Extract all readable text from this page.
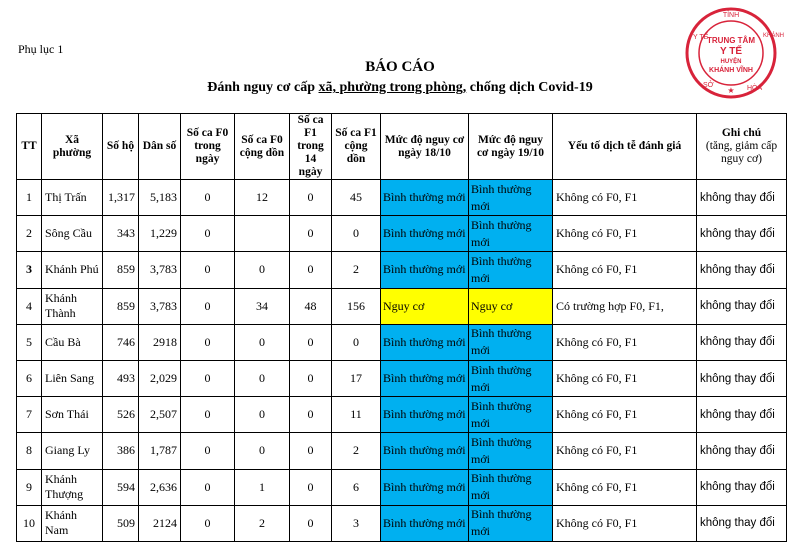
Phụ lục 1
BÁO CÁO
Đánh nguy cơ cấp xã, phường trong phòng, chống dịch Covid-19
TỈNH
Y TẾ	KHÁNH
TRUNG TÂM
Y TẾ
HUYỆN
KHÁNH VĨNH
SỞ	HÒA
★
TT	Xã phường	Số hộ	Dân số	Số ca F0 trong ngày	Số ca F0 cộng dồn	Số ca F1 trong 14 ngày	Số ca F1 cộng dồn	Mức độ nguy cơ ngày 18/10	Mức độ nguy cơ ngày 19/10	Yếu tố dịch tễ đánh giá	Ghi chú
(tăng, giảm cấp nguy cơ)

1	Thị Trấn	1,317	5,183	0	12	0	45	Bình thường mới	Bình thường mới	Không có F0, F1	không thay đổi
2	Sông Cầu	343	1,229	0		0	0	Bình thường mới	Bình thường mới	Không có F0, F1	không thay đổi
3	Khánh Phú	859	3,783	0	0	0	2	Bình thường mới	Bình thường mới	Không có F0, F1	không thay đổi
4	Khánh Thành	859	3,783	0	34	48	156	Nguy cơ	Nguy cơ	Có trường hợp F0, F1,	không thay đổi
5	Cầu Bà	746	2918	0	0	0	0	Bình thường mới	Bình thường mới	Không có F0, F1	không thay đổi
6	Liên Sang	493	2,029	0	0	0	17	Bình thường mới	Bình thường mới	Không có F0, F1	không thay đổi
7	Sơn Thái	526	2,507	0	0	0	11	Bình thường mới	Bình thường mới	Không có F0, F1	không thay đổi
8	Giang Ly	386	1,787	0	0	0	2	Bình thường mới	Bình thường mới	Không có F0, F1	không thay đổi
9	Khánh Thượng	594	2,636	0	1	0	6	Bình thường mới	Bình thường mới	Không có F0, F1	không thay đổi
10	Khánh Nam	509	2124	0	2	0	3	Bình thường mới	Bình thường mới	Không có F0, F1	không thay đổi
